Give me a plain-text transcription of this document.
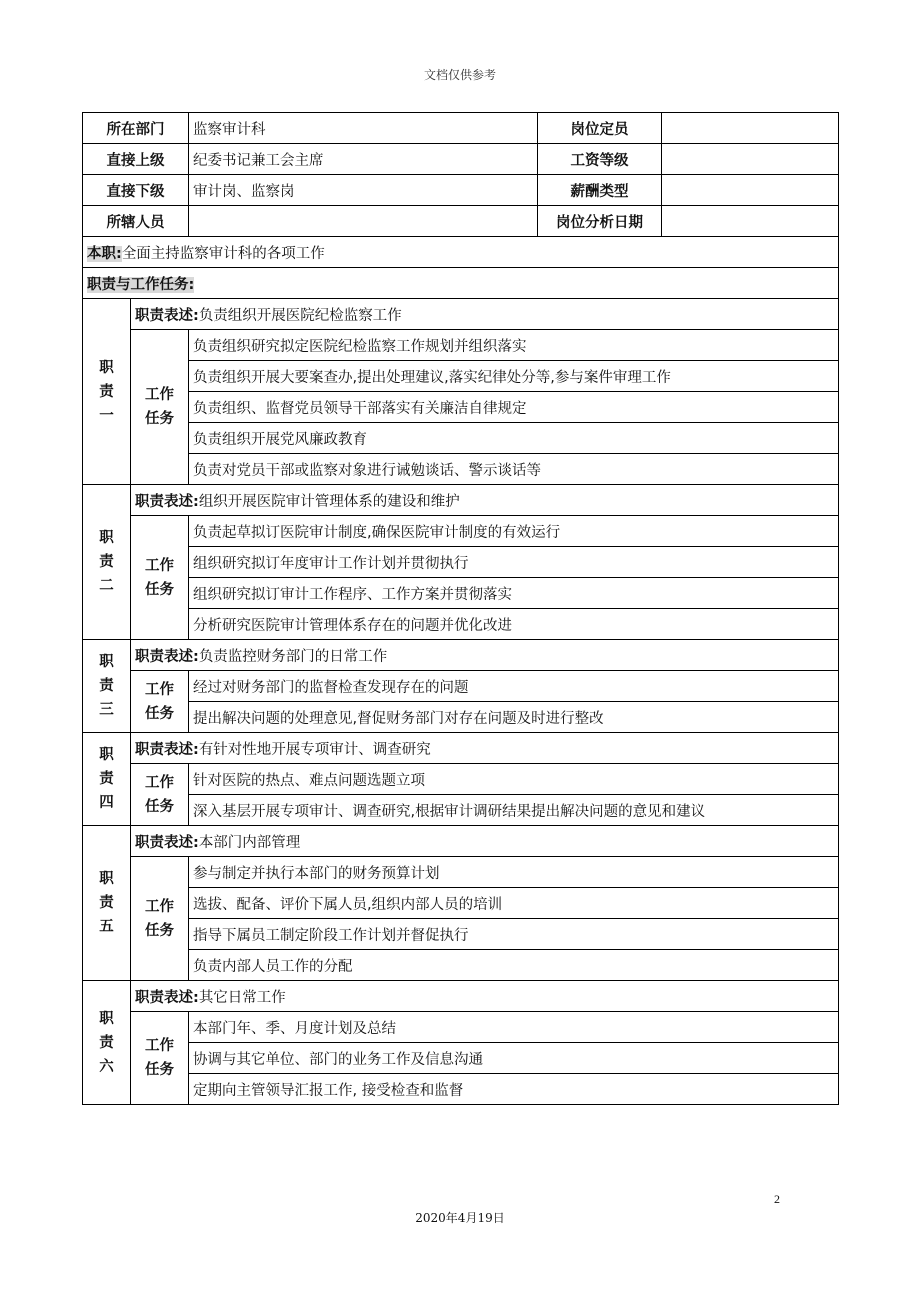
文档仅供参考
所在部门		监察审计科	岗位定员	
直接上级		纪委书记兼工会主席	工资等级	
直接下级		审计岗、监察岗	薪酬类型	
所辖人员			岗位分析日期	
本职:全面主持监察审计科的各项工作				
职责与工作任务:				

职
责
一	职责表述:负责组织开展医院纪检监察工作			

	工作
任务	负责组织研究拟定医院纪检监察工作规划并组织落实		
		负责组织开展大要案查办,提出处理建议,落实纪律处分等,参与案件审理工作		
		负责组织、监督党员领导干部落实有关廉洁自律规定		
		负责组织开展党风廉政教育		
		负责对党员干部或监察对象进行诫勉谈话、警示谈话等		

职
责
二	职责表述:组织开展医院审计管理体系的建设和维护			

	工作
任务	负责起草拟订医院审计制度,确保医院审计制度的有效运行		
		组织研究拟订年度审计工作计划并贯彻执行		
		组织研究拟订审计工作程序、工作方案并贯彻落实		
		分析研究医院审计管理体系存在的问题并优化改进		

职
责
三	职责表述:负责监控财务部门的日常工作			

	工作
任务	经过对财务部门的监督检查发现存在的问题		
		提出解决问题的处理意见,督促财务部门对存在问题及时进行整改		

职
责
四	职责表述:有针对性地开展专项审计、调查研究			

	工作
任务	针对医院的热点、难点问题选题立项		
		深入基层开展专项审计、调查研究,根据审计调研结果提出解决问题的意见和建议		

职
责
五	职责表述:本部门内部管理			

	工作
任务	参与制定并执行本部门的财务预算计划		
		选拔、配备、评价下属人员,组织内部人员的培训		
		指导下属员工制定阶段工作计划并督促执行		
		负责内部人员工作的分配		

职
责
六	职责表述:其它日常工作			

	工作
任务	本部门年、季、月度计划及总结		
		协调与其它单位、部门的业务工作及信息沟通		
		定期向主管领导汇报工作, 接受检查和监督		
2
2020年4月19日
